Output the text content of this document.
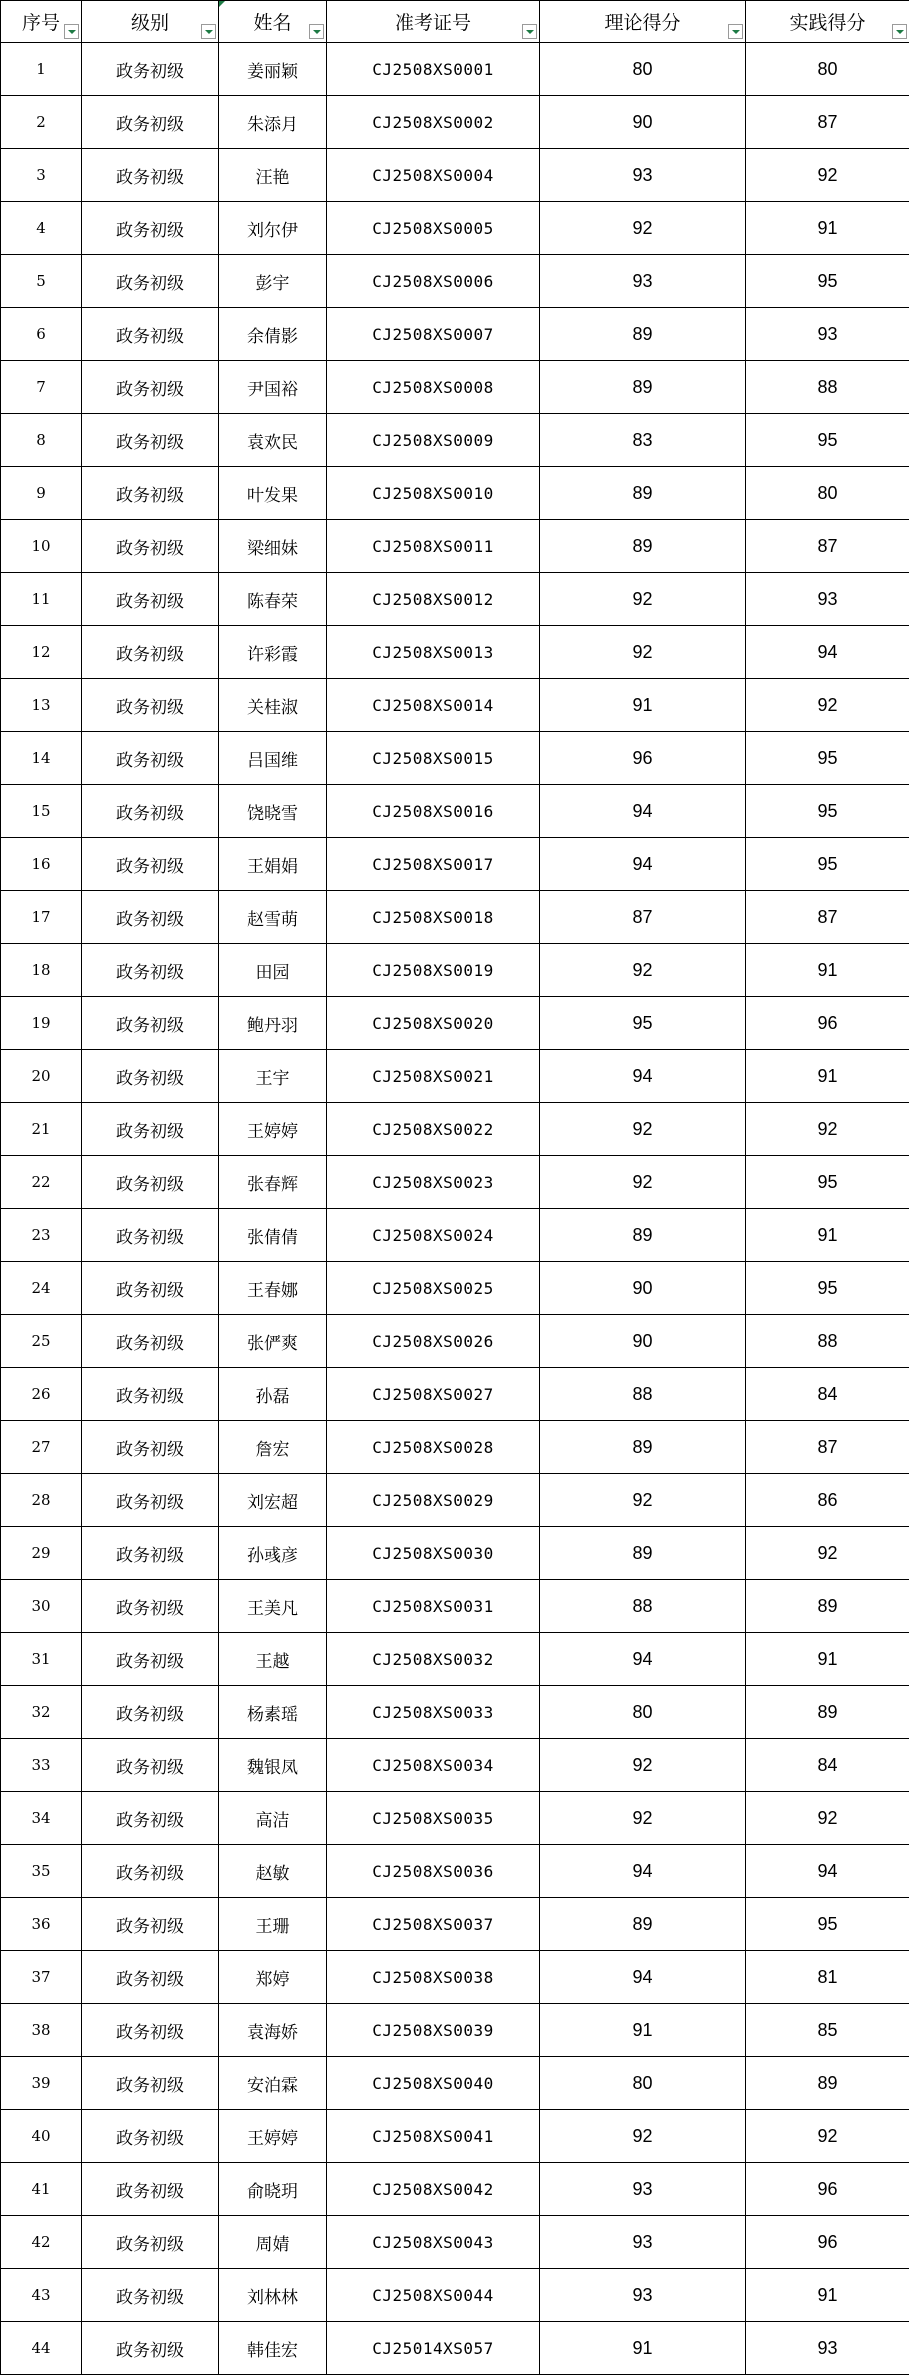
序号	级别	姓名	准考证号	理论得分	实践得分

1	政务初级	姜丽颖	CJ2508XS0001	80	80
2	政务初级	朱添月	CJ2508XS0002	90	87
3	政务初级	汪艳	CJ2508XS0004	93	92
4	政务初级	刘尔伊	CJ2508XS0005	92	91
5	政务初级	彭宇	CJ2508XS0006	93	95
6	政务初级	余倩影	CJ2508XS0007	89	93
7	政务初级	尹国裕	CJ2508XS0008	89	88
8	政务初级	袁欢民	CJ2508XS0009	83	95
9	政务初级	叶发果	CJ2508XS0010	89	80
10	政务初级	梁细妹	CJ2508XS0011	89	87
11	政务初级	陈春荣	CJ2508XS0012	92	93
12	政务初级	许彩霞	CJ2508XS0013	92	94
13	政务初级	关桂淑	CJ2508XS0014	91	92
14	政务初级	吕国维	CJ2508XS0015	96	95
15	政务初级	饶晓雪	CJ2508XS0016	94	95
16	政务初级	王娟娟	CJ2508XS0017	94	95
17	政务初级	赵雪萌	CJ2508XS0018	87	87
18	政务初级	田园	CJ2508XS0019	92	91
19	政务初级	鲍丹羽	CJ2508XS0020	95	96
20	政务初级	王宇	CJ2508XS0021	94	91
21	政务初级	王婷婷	CJ2508XS0022	92	92
22	政务初级	张春辉	CJ2508XS0023	92	95
23	政务初级	张倩倩	CJ2508XS0024	89	91
24	政务初级	王春娜	CJ2508XS0025	90	95
25	政务初级	张俨爽	CJ2508XS0026	90	88
26	政务初级	孙磊	CJ2508XS0027	88	84
27	政务初级	詹宏	CJ2508XS0028	89	87
28	政务初级	刘宏超	CJ2508XS0029	92	86
29	政务初级	孙彧彦	CJ2508XS0030	89	92
30	政务初级	王美凡	CJ2508XS0031	88	89
31	政务初级	王越	CJ2508XS0032	94	91
32	政务初级	杨素瑶	CJ2508XS0033	80	89
33	政务初级	魏银凤	CJ2508XS0034	92	84
34	政务初级	高洁	CJ2508XS0035	92	92
35	政务初级	赵敏	CJ2508XS0036	94	94
36	政务初级	王珊	CJ2508XS0037	89	95
37	政务初级	郑婷	CJ2508XS0038	94	81
38	政务初级	袁海娇	CJ2508XS0039	91	85
39	政务初级	安泊霖	CJ2508XS0040	80	89
40	政务初级	王婷婷	CJ2508XS0041	92	92
41	政务初级	俞晓玥	CJ2508XS0042	93	96
42	政务初级	周婧	CJ2508XS0043	93	96
43	政务初级	刘林林	CJ2508XS0044	93	91
44	政务初级	韩佳宏	CJ25014XS057	91	93
